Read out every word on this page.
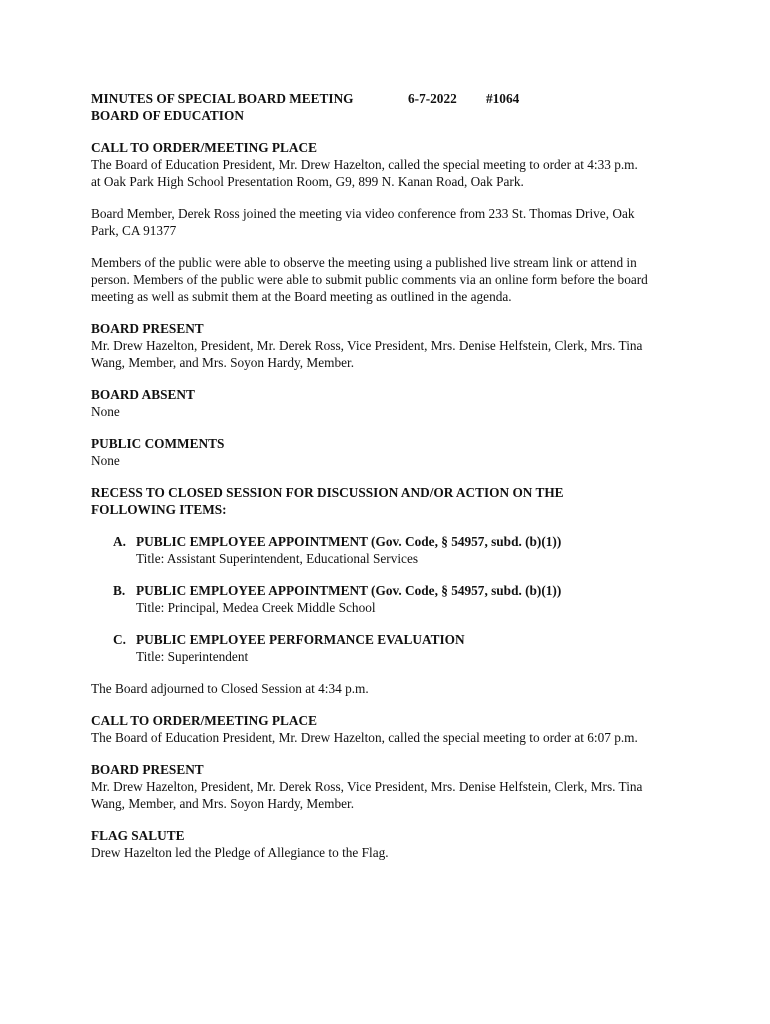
MINUTES OF SPECIAL BOARD MEETING	6-7-2022 #1064
BOARD OF EDUCATION
CALL TO ORDER/MEETING PLACE
The Board of Education President, Mr. Drew Hazelton, called the special meeting to order at 4:33 p.m.
at Oak Park High School Presentation Room, G9, 899 N. Kanan Road, Oak Park.
Board Member, Derek Ross joined the meeting via video conference from 233 St. Thomas Drive, Oak
Park, CA 91377
Members of the public were able to observe the meeting using a published live stream link or attend in
person. Members of the public were able to submit public comments via an online form before the board
meeting as well as submit them at the Board meeting as outlined in the agenda.
BOARD PRESENT
Mr. Drew Hazelton, President, Mr. Derek Ross, Vice President, Mrs. Denise Helfstein, Clerk, Mrs. Tina
Wang, Member, and Mrs. Soyon Hardy, Member.
BOARD ABSENT
None
PUBLIC COMMENTS
None
RECESS TO CLOSED SESSION FOR DISCUSSION AND/OR ACTION ON THE
FOLLOWING ITEMS:
A. PUBLIC EMPLOYEE APPOINTMENT (Gov. Code, § 54957, subd. (b)(1))
Title: Assistant Superintendent, Educational Services
B. PUBLIC EMPLOYEE APPOINTMENT (Gov. Code, § 54957, subd. (b)(1))
Title: Principal, Medea Creek Middle School
C. PUBLIC EMPLOYEE PERFORMANCE EVALUATION
Title: Superintendent
The Board adjourned to Closed Session at 4:34 p.m.
CALL TO ORDER/MEETING PLACE
The Board of Education President, Mr. Drew Hazelton, called the special meeting to order at 6:07 p.m.
BOARD PRESENT
Mr. Drew Hazelton, President, Mr. Derek Ross, Vice President, Mrs. Denise Helfstein, Clerk, Mrs. Tina
Wang, Member, and Mrs. Soyon Hardy, Member.
FLAG SALUTE
Drew Hazelton led the Pledge of Allegiance to the Flag.
